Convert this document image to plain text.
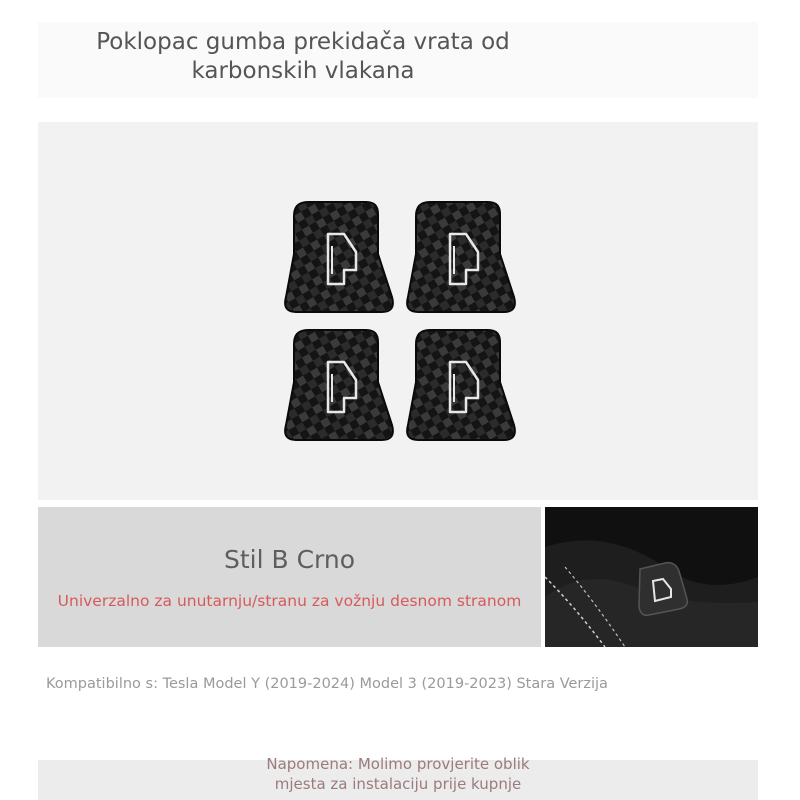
Poklopac gumba prekidača vrata od
karbonskih vlakana
Stil B Crno
Univerzalno za unutarnju/stranu za vožnju desnom stranom
Kompatibilno s: Tesla Model Y (2019-2024) Model 3 (2019-2023) Stara Verzija
Napomena: Molimo provjerite oblik
mjesta za instalaciju prije kupnje
